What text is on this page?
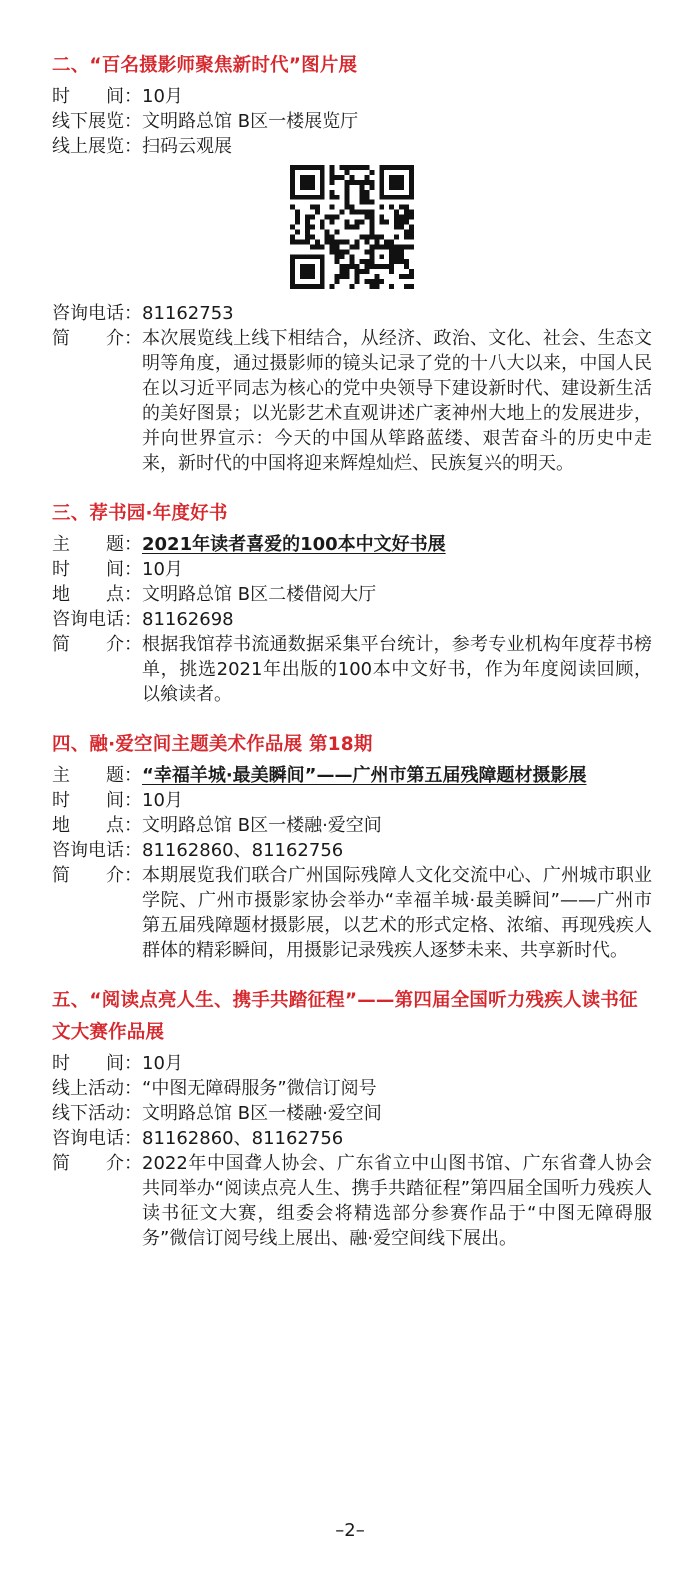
二、“百名摄影师聚焦新时代”图片展
时　　间： 10月
线下展览： 文明路总馆 B区一楼展览厅
线上展览： 扫码云观展
咨询电话： 81162753
简　　介： 本次展览线上线下相结合，从经济、政治、文化、社会、生态文明等角度，通过摄影师的镜头记录了党的十八大以来，中国人民在以习近平同志为核心的党中央领导下建设新时代、建设新生活的美好图景；以光影艺术直观讲述广袤神州大地上的发展进步，并向世界宣示：今天的中国从筚路蓝缕、艰苦奋斗的历史中走来，新时代的中国将迎来辉煌灿烂、民族复兴的明天。
三、荐书园·年度好书
主　　题： 2021年读者喜爱的100本中文好书展
时　　间： 10月
地　　点： 文明路总馆 B区二楼借阅大厅
咨询电话： 81162698
简　　介： 根据我馆荐书流通数据采集平台统计，参考专业机构年度荐书榜单，挑选2021年出版的100本中文好书，作为年度阅读回顾，以飨读者。
四、融·爱空间主题美术作品展 第18期
主　　题： “幸福羊城·最美瞬间”——广州市第五届残障题材摄影展
时　　间： 10月
地　　点： 文明路总馆 B区一楼融·爱空间
咨询电话： 81162860、81162756
简　　介： 本期展览我们联合广州国际残障人文化交流中心、广州城市职业学院、广州市摄影家协会举办“幸福羊城·最美瞬间”——广州市第五届残障题材摄影展，以艺术的形式定格、浓缩、再现残疾人群体的精彩瞬间，用摄影记录残疾人逐梦未来、共享新时代。
五、“阅读点亮人生、携手共踏征程”——第四届全国听力残疾人读书征文大赛作品展
时　　间： 10月
线上活动： “中图无障碍服务”微信订阅号
线下活动： 文明路总馆 B区一楼融·爱空间
咨询电话： 81162860、81162756
简　　介： 2022年中国聋人协会、广东省立中山图书馆、广东省聋人协会共同举办“阅读点亮人生、携手共踏征程”第四届全国听力残疾人读书征文大赛，组委会将精选部分参赛作品于“中图无障碍服务”微信订阅号线上展出、融·爱空间线下展出。
–2–
